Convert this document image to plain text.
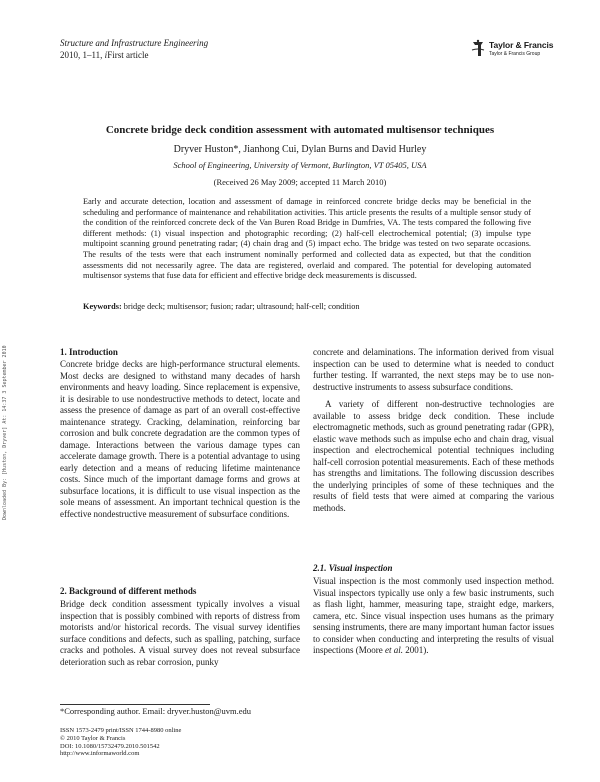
Structure and Infrastructure Engineering
2010, 1–11, iFirst article
Taylor & Francis
Taylor & Francis Group
Downloaded By: [Huston, Dryver] At: 14:37 3 September 2010
Concrete bridge deck condition assessment with automated multisensor techniques
Dryver Huston*, Jianhong Cui, Dylan Burns and David Hurley
School of Engineering, University of Vermont, Burlington, VT 05405, USA
(Received 26 May 2009; accepted 11 March 2010)
Early and accurate detection, location and assessment of damage in reinforced concrete bridge decks may be beneficial in the scheduling and performance of maintenance and rehabilitation activities. This article presents the results of a multiple sensor study of the condition of the reinforced concrete deck of the Van Buren Road Bridge in Dumfries, VA. The tests compared the following five different methods: (1) visual inspection and photographic recording; (2) half-cell electrochemical potential; (3) impulse type multipoint scanning ground penetrating radar; (4) chain drag and (5) impact echo. The bridge was tested on two separate occasions. The results of the tests were that each instrument nominally performed and collected data as expected, but that the condition assessments did not necessarily agree. The data are registered, overlaid and compared. The potential for developing automated multisensor systems that fuse data for efficient and effective bridge deck measurements is discussed.
Keywords: bridge deck; multisensor; fusion; radar; ultrasound; half-cell; condition
1. Introduction
Concrete bridge decks are high-performance structural elements. Most decks are designed to withstand many decades of harsh environments and heavy loading. Since replacement is expensive, it is desirable to use nondestructive methods to detect, locate and assess the presence of damage as part of an overall cost-effective maintenance strategy. Cracking, delamination, reinforcing bar corrosion and bulk concrete degradation are the common types of damage. Interactions between the various damage types can accelerate damage growth. There is a potential advantage to using early detection and a means of reducing lifetime maintenance costs. Since much of the important damage forms and grows at subsurface locations, it is difficult to use visual inspection as the sole means of assessment. An important technical question is the effective nondestructive measurement of subsurface conditions.
2. Background of different methods
Bridge deck condition assessment typically involves a visual inspection that is possibly combined with reports of distress from motorists and/or historical records. The visual survey identifies surface conditions and defects, such as spalling, patching, surface cracks and potholes. A visual survey does not reveal subsurface deterioration such as rebar corrosion, punky
concrete and delaminations. The information derived from visual inspection can be used to determine what is needed to conduct further testing. If warranted, the next steps may be to use non-destructive instruments to assess subsurface conditions.
A variety of different non-destructive technologies are available to assess bridge deck condition. These include electromagnetic methods, such as ground penetrating radar (GPR), elastic wave methods such as impulse echo and chain drag, visual inspection and electrochemical potential techniques including half-cell corrosion potential measurements. Each of these methods has strengths and limitations. The following discussion describes the underlying principles of some of these techniques and the results of field tests that were aimed at comparing the various methods.
2.1. Visual inspection
Visual inspection is the most commonly used inspection method. Visual inspectors typically use only a few basic instruments, such as flash light, hammer, measuring tape, straight edge, markers, camera, etc. Since visual inspection uses humans as the primary sensing instruments, there are many important human factor issues to consider when conducting and interpreting the results of visual inspections (Moore et al. 2001).
*Corresponding author. Email: dryver.huston@uvm.edu
ISSN 1573-2479 print/ISSN 1744-8980 online
© 2010 Taylor & Francis
DOI: 10.1080/15732479.2010.501542
http://www.informaworld.com
